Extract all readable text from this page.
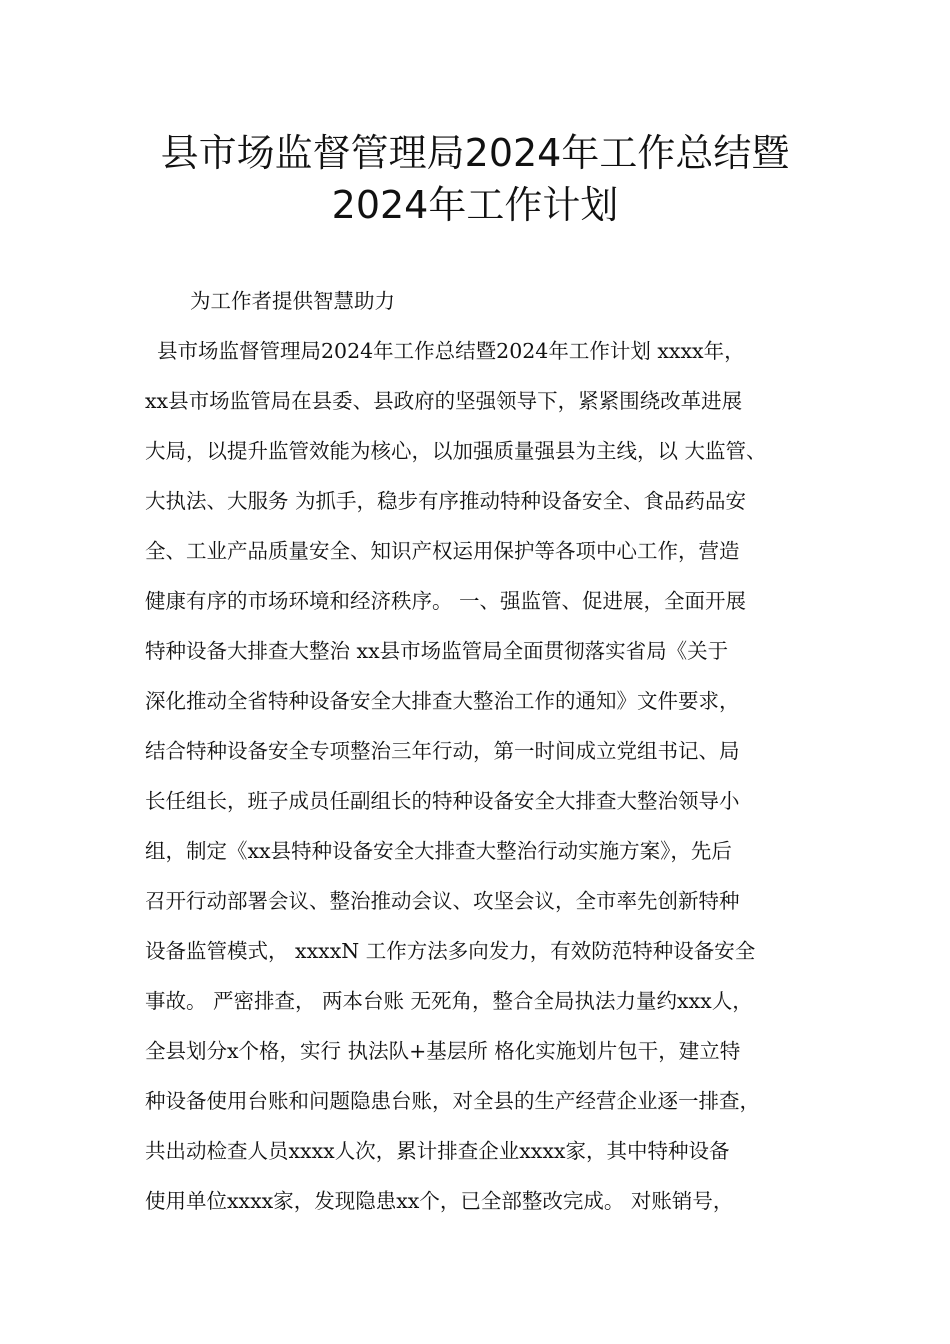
县市场监督管理局2024年工作总结暨
2024年工作计划

为工作者提供智慧助力

县市场监督管理局2024年工作总结暨2024年工作计划 xxxx年，

xx县市场监管局在县委、县政府的坚强领导下，紧紧围绕改革进展

大局，以提升监管效能为核心，以加强质量强县为主线，以 大监管、

大执法、大服务 为抓手，稳步有序推动特种设备安全、食品药品安

全、工业产品质量安全、知识产权运用保护等各项中心工作，营造

健康有序的市场环境和经济秩序。 一、强监管、促进展，全面开展

特种设备大排查大整治 xx县市场监管局全面贯彻落实省局《关于

深化推动全省特种设备安全大排查大整治工作的通知》文件要求，

结合特种设备安全专项整治三年行动，第一时间成立党组书记、局

长任组长，班子成员任副组长的特种设备安全大排查大整治领导小

组，制定《xx县特种设备安全大排查大整治行动实施方案》，先后

召开行动部署会议、整治推动会议、攻坚会议，全市率先创新特种

设备监管模式， xxxxN 工作方法多向发力，有效防范特种设备安全

事故。 严密排查， 两本台账 无死角，整合全局执法力量约xxx人，

全县划分x个格，实行 执法队+基层所 格化实施划片包干，建立特

种设备使用台账和问题隐患台账，对全县的生产经营企业逐一排查，

共出动检查人员xxxx人次，累计排查企业xxxx家，其中特种设备

使用单位xxxx家，发现隐患xx个，已全部整改完成。 对账销号，
